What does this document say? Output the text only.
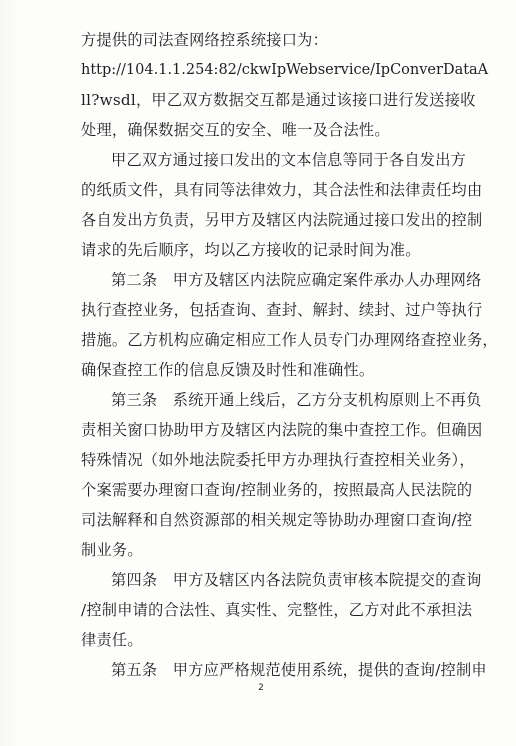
方提供的司法查网络控系统接口为：
http://104.1.1.254:82/ckwIpWebservice/IpConverDataA
ll?wsdl，甲乙双方数据交互都是通过该接口进行发送接收
处理，确保数据交互的安全、唯一及合法性。
甲乙双方通过接口发出的文本信息等同于各自发出方
的纸质文件，具有同等法律效力，其合法性和法律责任均由
各自发出方负责，另甲方及辖区内法院通过接口发出的控制
请求的先后顺序，均以乙方接收的记录时间为准。
第二条　甲方及辖区内法院应确定案件承办人办理网络
执行查控业务，包括查询、查封、解封、续封、过户等执行
措施。乙方机构应确定相应工作人员专门办理网络查控业务，
确保查控工作的信息反馈及时性和准确性。
第三条　系统开通上线后，乙方分支机构原则上不再负
责相关窗口协助甲方及辖区内法院的集中查控工作。但确因
特殊情况（如外地法院委托甲方办理执行查控相关业务），
个案需要办理窗口查询/控制业务的，按照最高人民法院的
司法解释和自然资源部的相关规定等协助办理窗口查询/控
制业务。
第四条　甲方及辖区内各法院负责审核本院提交的查询
/控制申请的合法性、真实性、完整性，乙方对此不承担法
律责任。
第五条　甲方应严格规范使用系统，提供的查询/控制申
2
